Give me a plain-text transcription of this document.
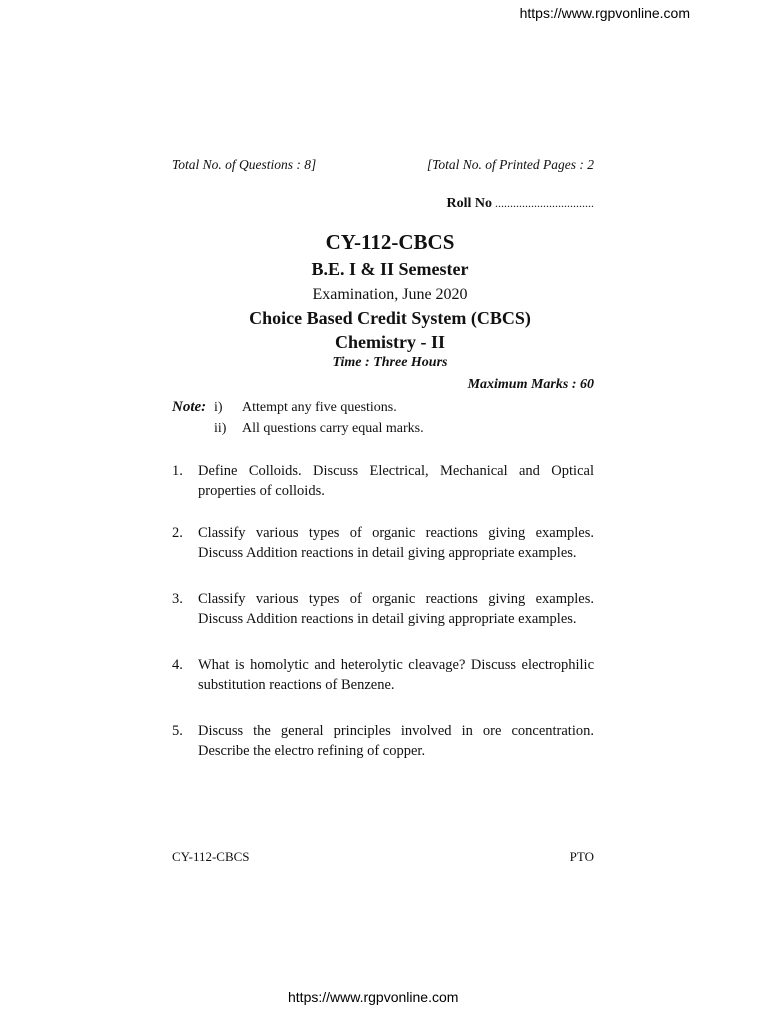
https://www.rgpvonline.com
Total No. of Questions : 8]	[Total No. of Printed Pages : 2
Roll No .................................
CY-112-CBCS
B.E. I & II Semester
Examination, June 2020
Choice Based Credit System (CBCS)
Chemistry - II
Time : Three Hours
Maximum Marks : 60
Note: i)	Attempt any five questions.
ii)	All questions carry equal marks.
1.	Define Colloids. Discuss Electrical, Mechanical and Optical properties of colloids.
2.	Classify various types of organic reactions giving examples. Discuss Addition reactions in detail giving appropriate examples.
3.	Classify various types of organic reactions giving examples. Discuss Addition reactions in detail giving appropriate examples.
4.	What is homolytic and heterolytic cleavage? Discuss electrophilic substitution reactions of Benzene.
5.	Discuss the general principles involved in ore concentration. Describe the electro refining of copper.
CY-112-CBCS	PTO
https://www.rgpvonline.com
